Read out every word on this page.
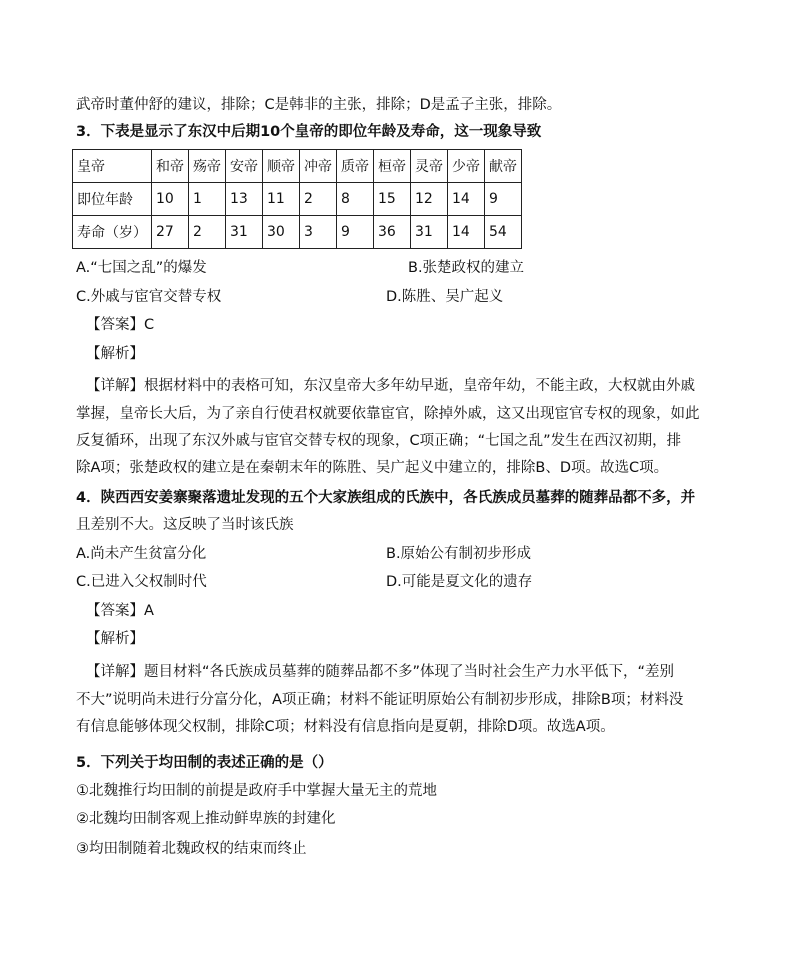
武帝时董仲舒的建议，排除；C是韩非的主张，排除；D是孟子主张，排除。
3．下表是显示了东汉中后期10个皇帝的即位年龄及寿命，这一现象导致
皇帝	和帝	殇帝	安帝	顺帝	冲帝	质帝	桓帝	灵帝	少帝	献帝
即位年龄	10	1	13	11	2	8	15	12	14	9
寿命（岁）	27	2	31	30	3	9	36	31	14	54
A.“七国之乱”的爆发	B.张楚政权的建立
C.外戚与宦官交替专权	D.陈胜、吴广起义
【答案】C
【解析】
【详解】根据材料中的表格可知，东汉皇帝大多年幼早逝，皇帝年幼，不能主政，大权就由外戚
掌握，皇帝长大后，为了亲自行使君权就要依靠宦官，除掉外戚，这又出现宦官专权的现象，如此
反复循环，出现了东汉外戚与宦官交替专权的现象，C项正确；“七国之乱”发生在西汉初期，排
除A项；张楚政权的建立是在秦朝末年的陈胜、吴广起义中建立的，排除B、D项。故选C项。
4．陕西西安姜寨聚落遗址发现的五个大家族组成的氏族中，各氏族成员墓葬的随葬品都不多，并
且差别不大。这反映了当时该氏族
A.尚未产生贫富分化	B.原始公有制初步形成
C.已进入父权制时代	D.可能是夏文化的遗存
【答案】A
【解析】
【详解】题目材料“各氏族成员墓葬的随葬品都不多”体现了当时社会生产力水平低下，“差别
不大”说明尚未进行分富分化，A项正确；材料不能证明原始公有制初步形成，排除B项；材料没
有信息能够体现父权制，排除C项；材料没有信息指向是夏朝，排除D项。故选A项。
5．下列关于均田制的表述正确的是（）
①北魏推行均田制的前提是政府手中掌握大量无主的荒地
②北魏均田制客观上推动鲜卑族的封建化
③均田制随着北魏政权的结束而终止
